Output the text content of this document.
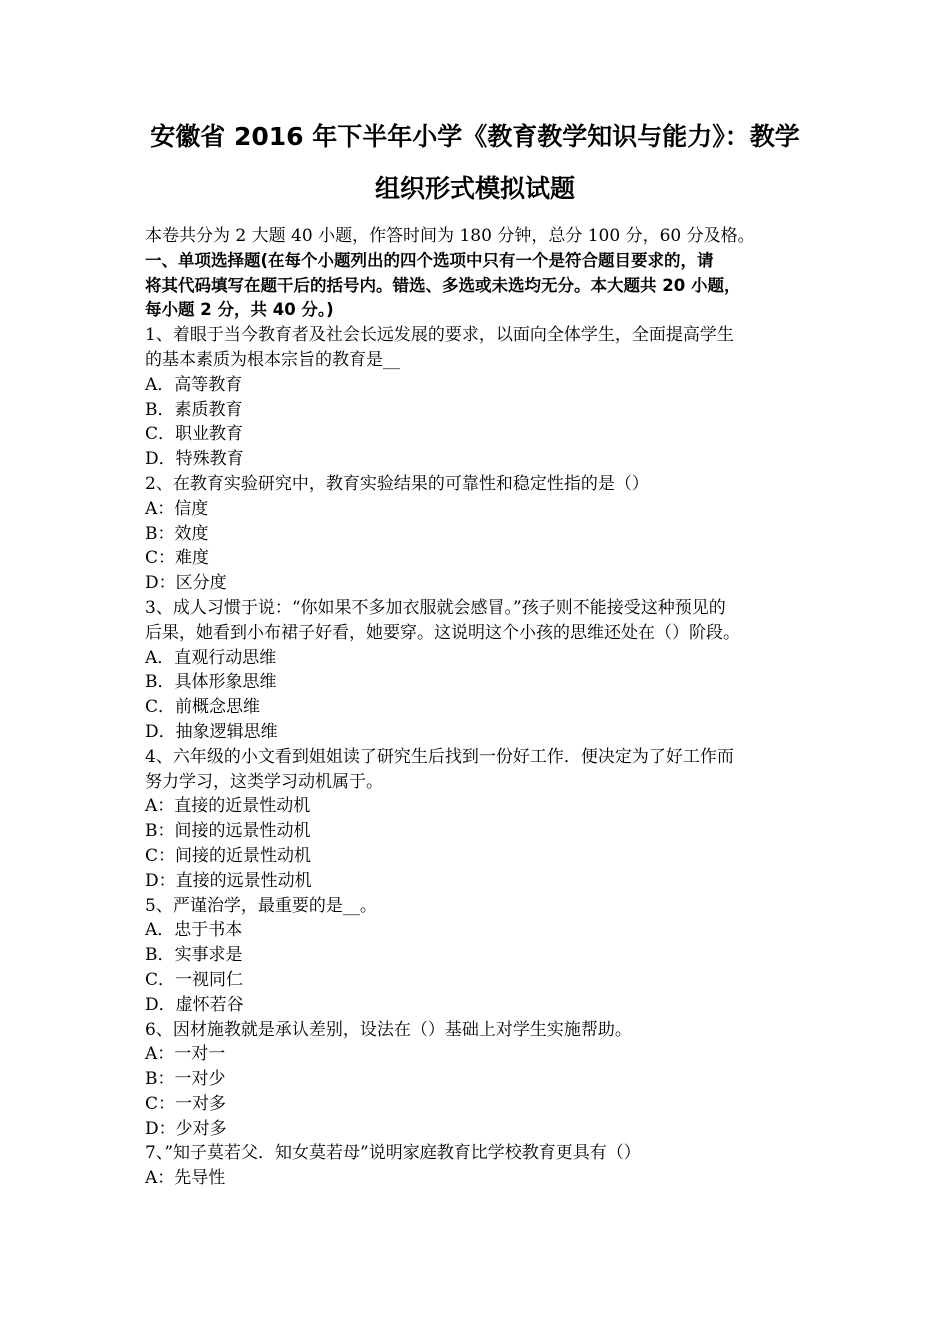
安徽省 2016 年下半年小学《教育教学知识与能力》：教学
组织形式模拟试题
本卷共分为 2 大题 40 小题，作答时间为 180 分钟，总分 100 分，60 分及格。
一、单项选择题(在每个小题列出的四个选项中只有一个是符合题目要求的，请
将其代码填写在题干后的括号内。错选、多选或未选均无分。本大题共 20 小题，
每小题 2 分，共 40 分。)
1、着眼于当今教育者及社会长远发展的要求，以面向全体学生，全面提高学生
的基本素质为根本宗旨的教育是__
A．高等教育
B．素质教育
C．职业教育
D．特殊教育
2、在教育实验研究中，教育实验结果的可靠性和稳定性指的是（）
A：信度
B：效度
C：难度
D：区分度
3、成人习惯于说：“你如果不多加衣服就会感冒。”孩子则不能接受这种预见的
后果，她看到小布裙子好看，她要穿。这说明这个小孩的思维还处在（）阶段。
A．直观行动思维
B．具体形象思维
C．前概念思维
D．抽象逻辑思维
4、六年级的小文看到姐姐读了研究生后找到一份好工作．便决定为了好工作而
努力学习，这类学习动机属于。
A：直接的近景性动机
B：间接的远景性动机
C：间接的近景性动机
D：直接的远景性动机
5、严谨治学，最重要的是__。
A．忠于书本
B．实事求是
C．一视同仁
D．虚怀若谷
6、因材施教就是承认差别，设法在（）基础上对学生实施帮助。
A：一对一
B：一对少
C：一对多
D：少对多
7、”知子莫若父．知女莫若母”说明家庭教育比学校教育更具有（）
A：先导性
